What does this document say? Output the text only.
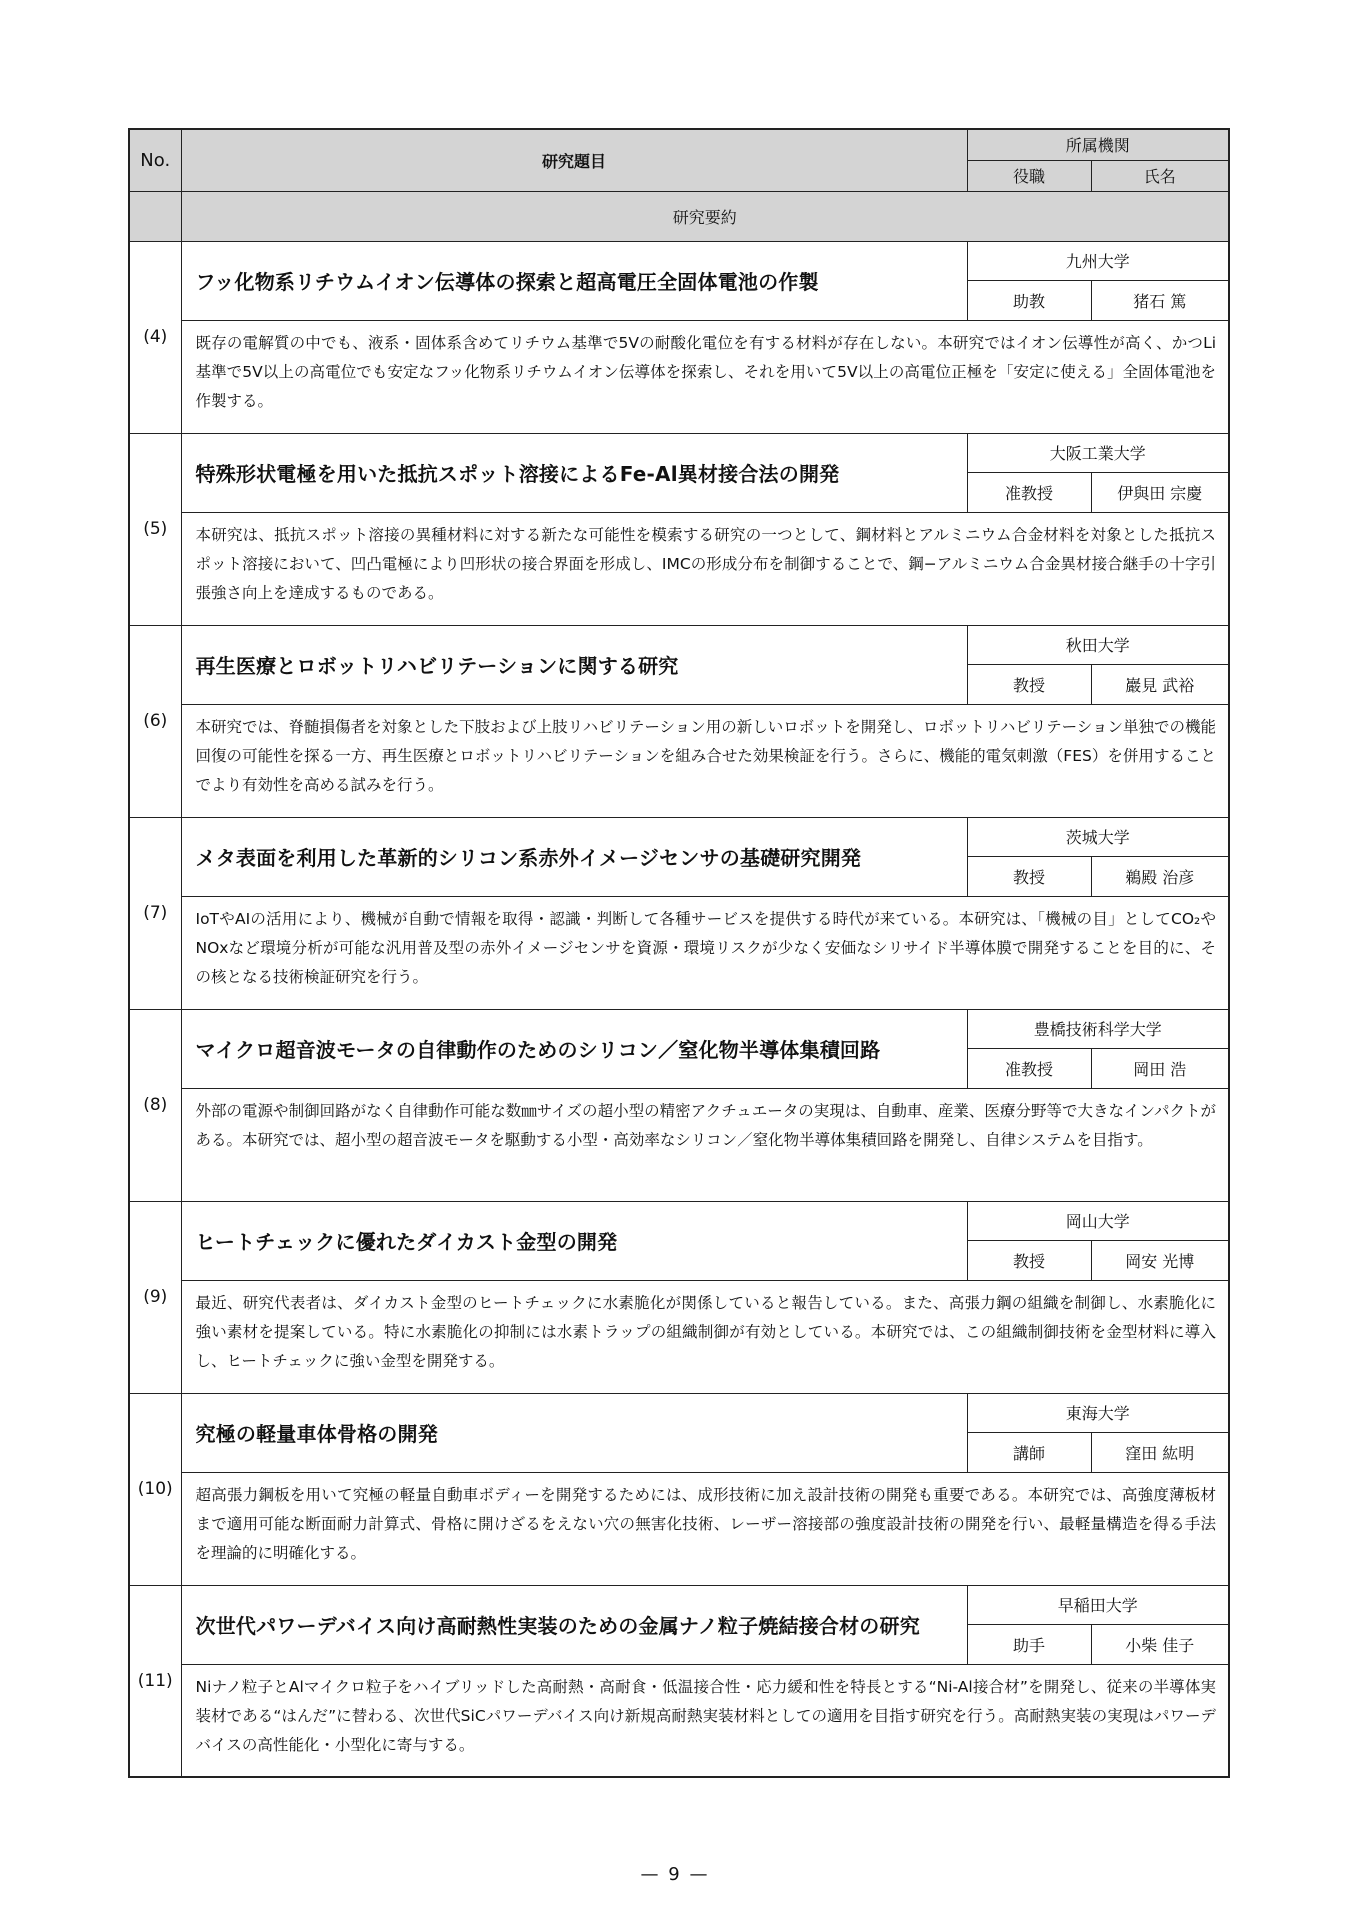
No.	研究題目	所属機関	
		役職	氏名
	研究要約		
(4)	フッ化物系リチウムイオン伝導体の探索と超高電圧全固体電池の作製	九州大学	
		助教	猪石 篤
	既存の電解質の中でも、液系・固体系含めてリチウム基準で5Vの耐酸化電位を有する材料が存在しない。本研究ではイオン伝導性が高く、かつLi基準で5V以上の高電位でも安定なフッ化物系リチウムイオン伝導体を探索し、それを用いて5V以上の高電位正極を「安定に使える」全固体電池を作製する。		
(5)	特殊形状電極を用いた抵抗スポット溶接によるFe-Al異材接合法の開発	大阪工業大学	
		准教授	伊與田 宗慶
	本研究は、抵抗スポット溶接の異種材料に対する新たな可能性を模索する研究の一つとして、鋼材料とアルミニウム合金材料を対象とした抵抗スポット溶接において、凹凸電極により凹形状の接合界面を形成し、IMCの形成分布を制御することで、鋼−アルミニウム合金異材接合継手の十字引張強さ向上を達成するものである。		
(6)	再生医療とロボットリハビリテーションに関する研究	秋田大学	
		教授	巖見 武裕
	本研究では、脊髄損傷者を対象とした下肢および上肢リハビリテーション用の新しいロボットを開発し、ロボットリハビリテーション単独での機能回復の可能性を探る一方、再生医療とロボットリハビリテーションを組み合せた効果検証を行う。さらに、機能的電気刺激（FES）を併用することでより有効性を高める試みを行う。		
(7)	メタ表面を利用した革新的シリコン系赤外イメージセンサの基礎研究開発	茨城大学	
		教授	鵜殿 治彦
	IoTやAIの活用により、機械が自動で情報を取得・認識・判断して各種サービスを提供する時代が来ている。本研究は、「機械の目」としてCO₂やNOxなど環境分析が可能な汎用普及型の赤外イメージセンサを資源・環境リスクが少なく安価なシリサイド半導体膜で開発することを目的に、その核となる技術検証研究を行う。		
(8)	マイクロ超音波モータの自律動作のためのシリコン／窒化物半導体集積回路	豊橋技術科学大学	
		准教授	岡田 浩
	外部の電源や制御回路がなく自律動作可能な数㎜サイズの超小型の精密アクチュエータの実現は、自動車、産業、医療分野等で大きなインパクトがある。本研究では、超小型の超音波モータを駆動する小型・高効率なシリコン／窒化物半導体集積回路を開発し、自律システムを目指す。		
(9)	ヒートチェックに優れたダイカスト金型の開発	岡山大学	
		教授	岡安 光博
	最近、研究代表者は、ダイカスト金型のヒートチェックに水素脆化が関係していると報告している。また、高張力鋼の組織を制御し、水素脆化に強い素材を提案している。特に水素脆化の抑制には水素トラップの組織制御が有効としている。本研究では、この組織制御技術を金型材料に導入し、ヒートチェックに強い金型を開発する。		
(10)	究極の軽量車体骨格の開発	東海大学	
		講師	窪田 紘明
	超高張力鋼板を用いて究極の軽量自動車ボディーを開発するためには、成形技術に加え設計技術の開発も重要である。本研究では、高強度薄板材まで適用可能な断面耐力計算式、骨格に開けざるをえない穴の無害化技術、レーザー溶接部の強度設計技術の開発を行い、最軽量構造を得る手法を理論的に明確化する。		
(11)	次世代パワーデバイス向け高耐熱性実装のための金属ナノ粒子焼結接合材の研究	早稲田大学	
		助手	小柴 佳子
	Niナノ粒子とAlマイクロ粒子をハイブリッドした高耐熱・高耐食・低温接合性・応力緩和性を特長とする“Ni-Al接合材”を開発し、従来の半導体実装材である“はんだ”に替わる、次世代SiCパワーデバイス向け新規高耐熱実装材料としての適用を目指す研究を行う。高耐熱実装の実現はパワーデバイスの高性能化・小型化に寄与する。		
— 9 —
